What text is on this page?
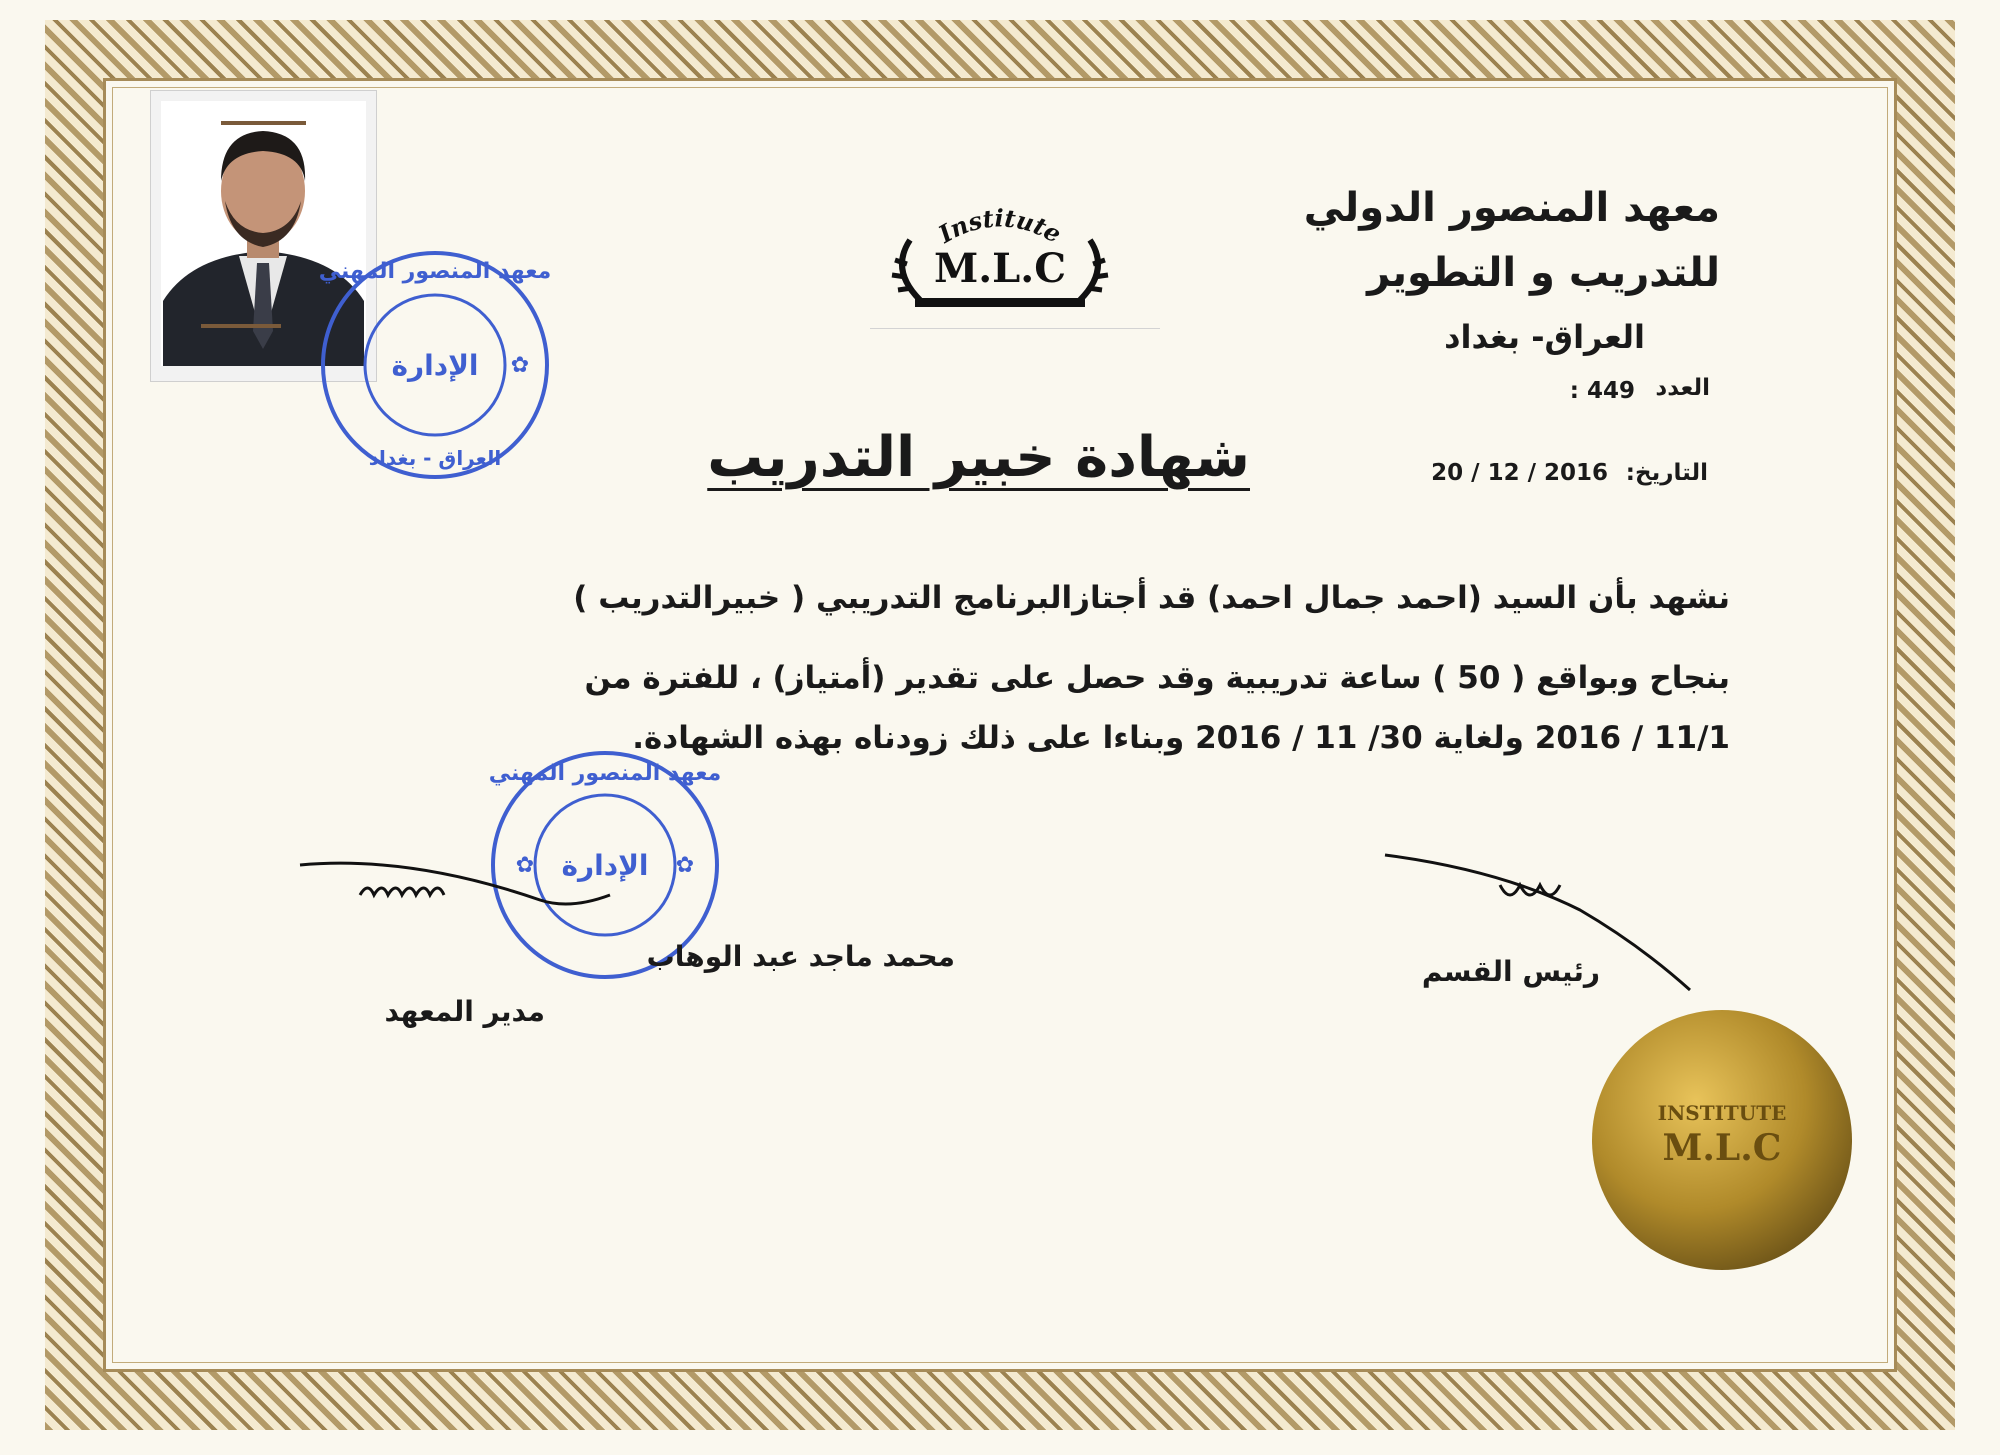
معهد المنصور المهني
الإدارة
العراق - بغداد
✿
Institute
M.L.C
معهد المنصور الدولي
للتدريب و التطوير
العراق- بغداد
العدد
: 449
التاريخ:
20 / 12 / 2016
شهادة خبير التدريب
نشهد بأن السيد (احمد جمال احمد) قد أجتازالبرنامج التدريبي ( خبيرالتدريب )
بنجاح وبواقع ( 50 ) ساعة تدريبية وقد حصل على تقدير (أمتياز) ، للفترة من
11/1 / 2016 ولغاية 30/ 11 / 2016 وبناءا على ذلك زودناه بهذه الشهادة.
معهد المنصور المهني
الإدارة
✿	✿
محمد ماجد عبد الوهاب
مدير المعهد
رئيس القسم
INSTITUTE
M.L.C
